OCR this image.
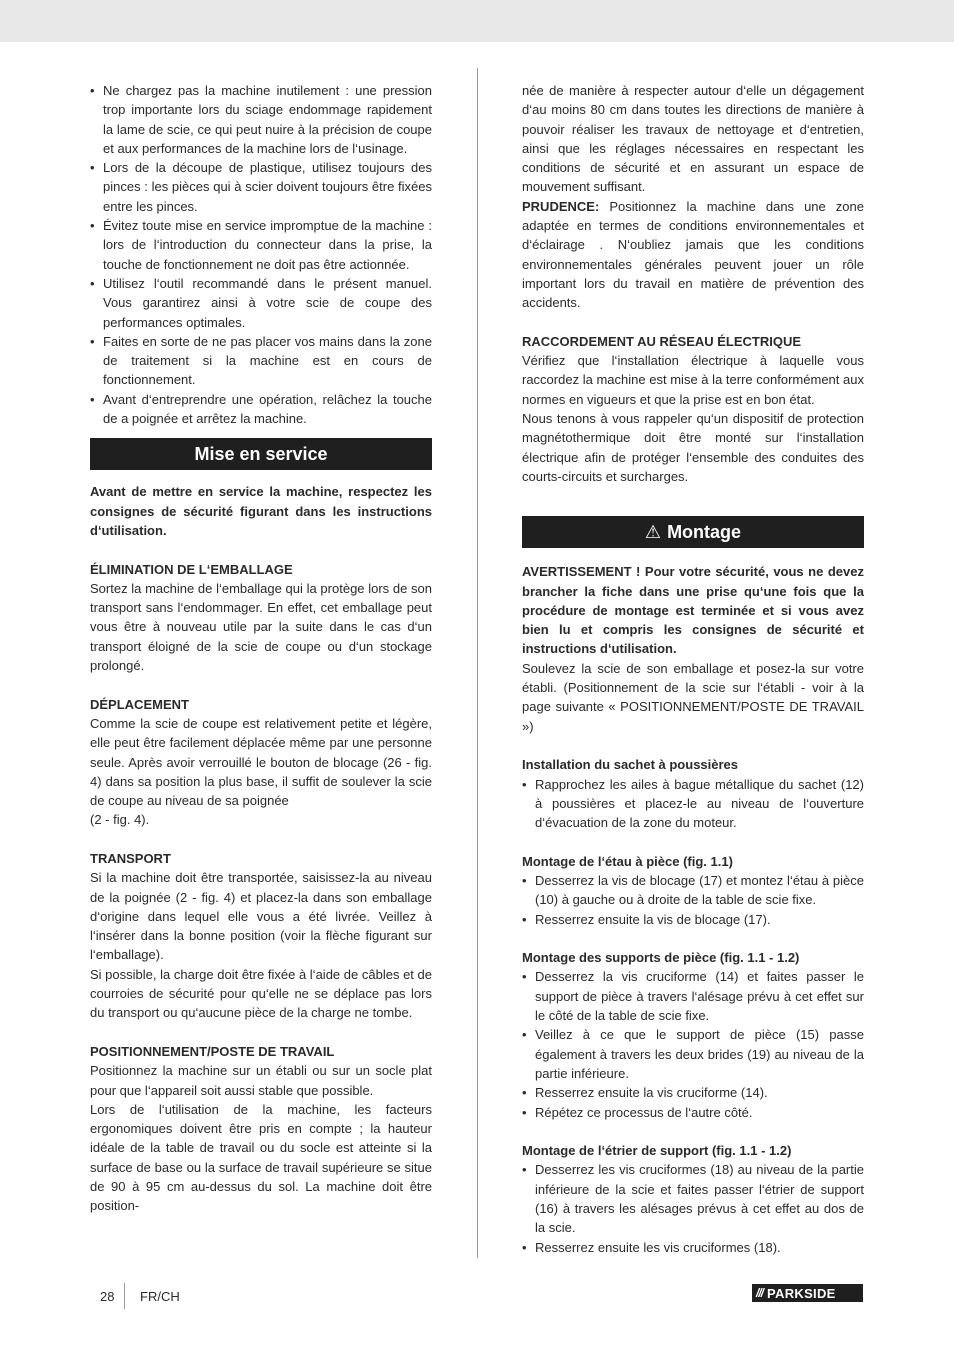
• Ne chargez pas la machine inutilement : une pression trop importante lors du sciage endommage rapidement la lame de scie, ce qui peut nuire à la précision de coupe et aux performances de la machine lors de l‘usinage.
• Lors de la découpe de plastique, utilisez toujours des pinces : les pièces qui à scier doivent toujours être fixées entre les pinces.
• Évitez toute mise en service impromptue de la machine : lors de l‘introduction du connecteur dans la prise, la touche de fonctionnement ne doit pas être actionnée.
• Utilisez l‘outil recommandé dans le présent manuel. Vous garantirez ainsi à votre scie de coupe des performances optimales.
• Faites en sorte de ne pas placer vos mains dans la zone de traitement si la machine est en cours de fonctionnement.
• Avant d‘entreprendre une opération, relâchez la touche de a poignée et arrêtez la machine.
Mise en service

Avant de mettre en service la machine, respectez les consignes de sécurité figurant dans les instructions d‘utilisation.

ÉLIMINATION DE L‘EMBALLAGE

Sortez la machine de l‘emballage qui la protège lors de son transport sans l‘endommager. En effet, cet emballage peut vous être à nouveau utile par la suite dans le cas d‘un transport éloigné de la scie de coupe ou d‘un stockage prolongé.

DÉPLACEMENT

Comme la scie de coupe est relativement petite et légère, elle peut être facilement déplacée même par une personne seule. Après avoir verrouillé le bouton de blocage (26 - fig. 4) dans sa position la plus base, il suffit de soulever la scie de coupe au niveau de sa poignée

(2 - fig. 4).

TRANSPORT

Si la machine doit être transportée, saisissez-la au niveau de la poignée (2 - fig. 4) et placez-la dans son emballage d‘origine dans lequel elle vous a été livrée. Veillez à l‘insérer dans la bonne position (voir la flèche figurant sur l‘emballage).

Si possible, la charge doit être fixée à l‘aide de câbles et de courroies de sécurité pour qu‘elle ne se déplace pas lors du transport ou qu‘aucune pièce de la charge ne tombe.

POSITIONNEMENT/POSTE DE TRAVAIL

Positionnez la machine sur un établi ou sur un socle plat pour que l‘appareil soit aussi stable que possible.

Lors de l‘utilisation de la machine, les facteurs ergonomiques doivent être pris en compte ; la hauteur idéale de la table de travail ou du socle est atteinte si la surface de base ou la surface de travail supérieure se situe de 90 à 95 cm au-dessus du sol. La machine doit être position-

née de manière à respecter autour d‘elle un dégagement d‘au moins 80 cm dans toutes les directions de manière à pouvoir réaliser les travaux de nettoyage et d‘entretien, ainsi que les réglages nécessaires en respectant les conditions de sécurité et en assurant un espace de mouvement suffisant.

PRUDENCE: Positionnez la machine dans une zone adaptée en termes de conditions environnementales et d‘éclairage . N‘oubliez jamais que les conditions environnementales générales peuvent jouer un rôle important lors du travail en matière de prévention des accidents.

RACCORDEMENT AU RÉSEAU ÉLECTRIQUE

Vérifiez que l‘installation électrique à laquelle vous raccordez la machine est mise à la terre conformément aux normes en vigueurs et que la prise est en bon état.

Nous tenons à vous rappeler qu‘un dispositif de protection magnétothermique doit être monté sur l‘installation électrique afin de protéger l‘ensemble des conduites des courts-circuits et surcharges.

⚠ Montage

AVERTISSEMENT ! Pour votre sécurité, vous ne devez brancher la fiche dans une prise qu‘une fois que la procédure de montage est terminée et si vous avez bien lu et compris les consignes de sécurité et instructions d‘utilisation.

Soulevez la scie de son emballage et posez-la sur votre établi. (Positionnement de la scie sur l‘établi - voir à la page suivante « POSITIONNEMENT/POSTE DE TRAVAIL »)

Installation du sachet à poussières

• Rapprochez les ailes à bague métallique du sachet (12) à poussières et placez-le au niveau de l‘ouverture d‘évacuation de la zone du moteur.

Montage de l‘étau à pièce (fig. 1.1)

• Desserrez la vis de blocage (17) et montez l‘étau à pièce (10) à gauche ou à droite de la table de scie fixe.
• Resserrez ensuite la vis de blocage (17).

Montage des supports de pièce (fig. 1.1 - 1.2)

• Desserrez la vis cruciforme (14) et faites passer le support de pièce à travers l‘alésage prévu à cet effet sur le côté de la table de scie fixe.
• Veillez à ce que le support de pièce (15) passe également à travers les deux brides (19) au niveau de la partie inférieure.
• Resserrez ensuite la vis cruciforme (14).
• Répétez ce processus de l‘autre côté.

Montage de l‘étrier de support (fig. 1.1 - 1.2)

• Desserrez les vis cruciformes (18) au niveau de la partie inférieure de la scie et faites passer l‘étrier de support (16) à travers les alésages prévus à cet effet au dos de la scie.
• Resserrez ensuite les vis cruciformes (18).
28 FR/CH	/// PARKSIDE
